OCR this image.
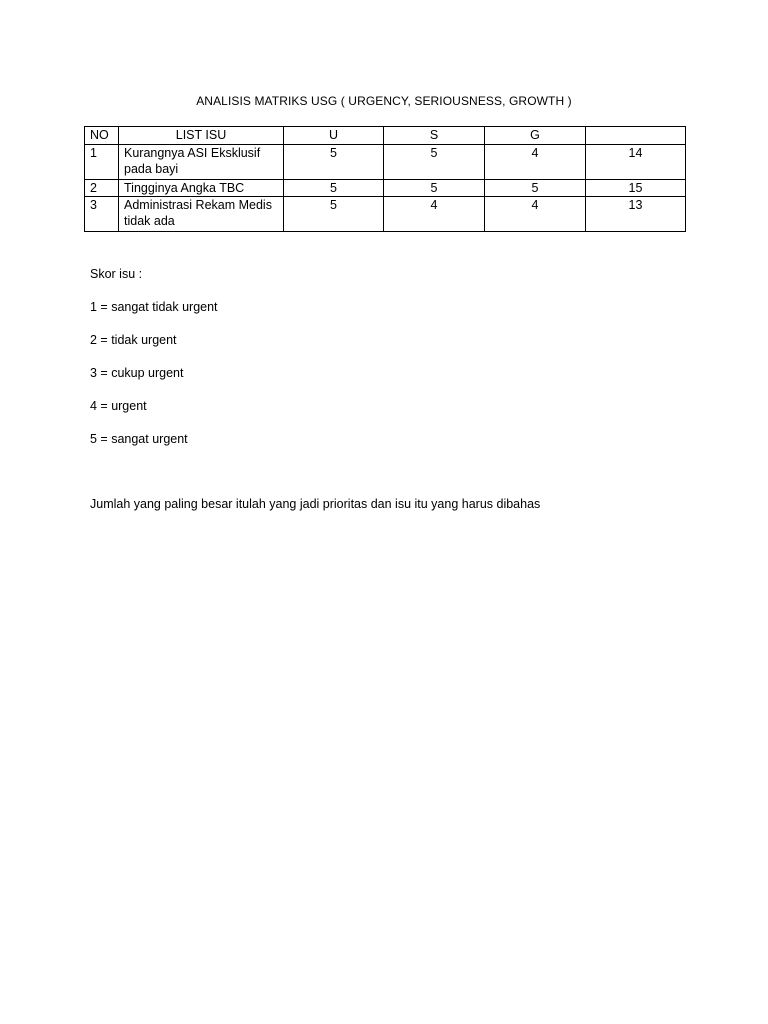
ANALISIS MATRIKS USG ( URGENCY, SERIOUSNESS, GROWTH )
NO	LIST ISU	U	S	G	
1	Kurangnya ASI Eksklusif pada bayi	5	5	4	14
2	Tingginya Angka TBC	5	5	5	15
3	Administrasi Rekam Medis tidak ada	5	4	4	13
Skor isu :
1 = sangat tidak urgent
2 = tidak urgent
3 = cukup urgent
4 = urgent
5 = sangat urgent
Jumlah yang paling besar itulah yang jadi prioritas dan isu itu yang harus dibahas
